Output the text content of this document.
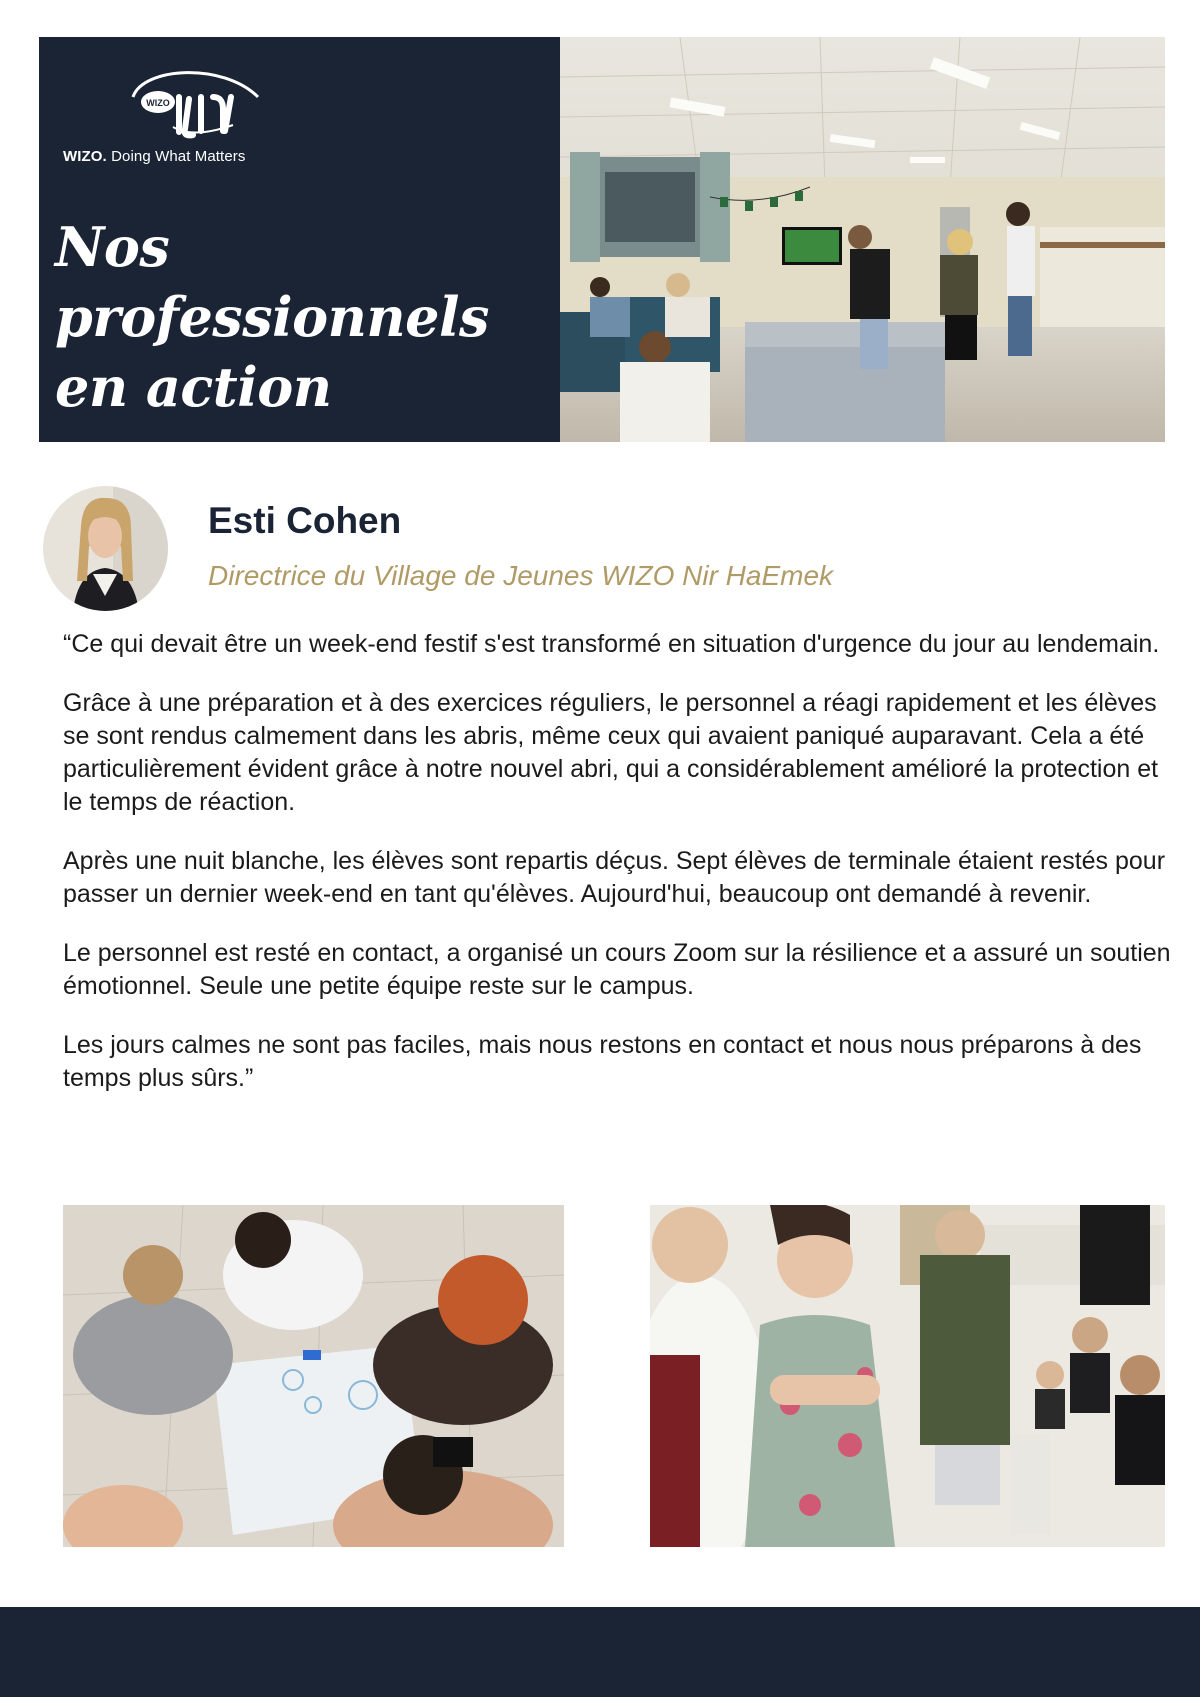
WIZO
WIZO. Doing What Matters
Nos professionnels
en action
Esti Cohen
Directrice du Village de Jeunes WIZO Nir HaEmek

“Ce qui devait être un week-end festif s'est transformé en situation d'urgence du jour au lendemain.

Grâce à une préparation et à des exercices réguliers, le personnel a réagi rapidement et les élèves se sont rendus calmement dans les abris, même ceux qui avaient paniqué auparavant. Cela a été particulièrement évident grâce à notre nouvel abri, qui a considérablement amélioré la protection et le temps de réaction.

Après une nuit blanche, les élèves sont repartis déçus. Sept élèves de terminale étaient restés pour passer un dernier week-end en tant qu'élèves. Aujourd'hui, beaucoup ont demandé à revenir.

Le personnel est resté en contact, a organisé un cours Zoom sur la résilience et a assuré un soutien émotionnel. Seule une petite équipe reste sur le campus.

Les jours calmes ne sont pas faciles, mais nous restons en contact et nous nous préparons à des temps plus sûrs.”
